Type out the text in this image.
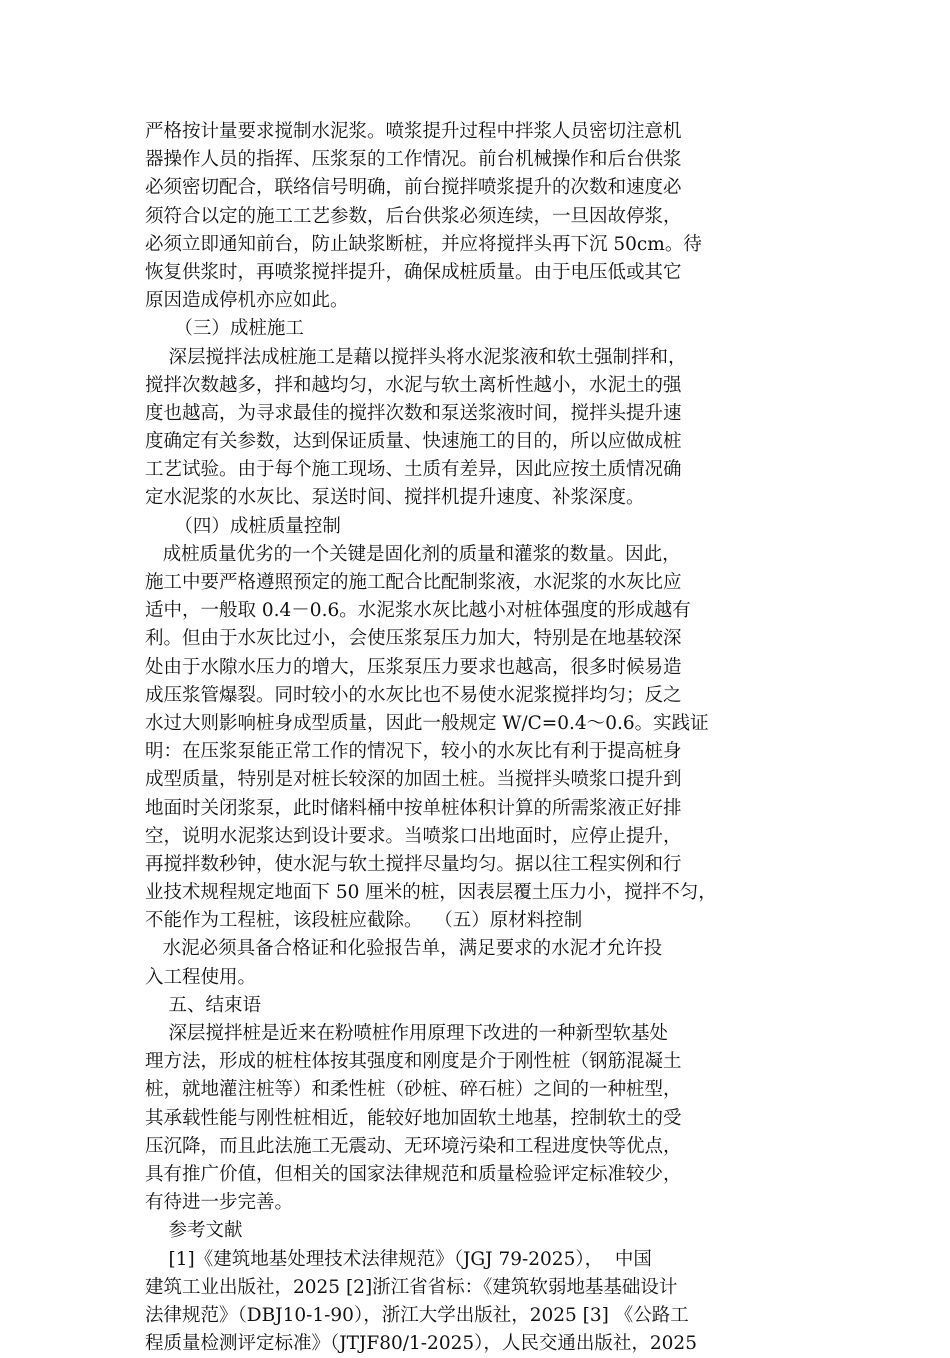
严格按计量要求搅制水泥浆。喷浆提升过程中拌浆人员密切注意机
器操作人员的指挥、压浆泵的工作情况。前台机械操作和后台供浆
必须密切配合，联络信号明确，前台搅拌喷浆提升的次数和速度必
须符合以定的施工工艺参数，后台供浆必须连续，一旦因故停浆，
必须立即通知前台，防止缺浆断桩，并应将搅拌头再下沉 50cm。待
恢复供浆时，再喷浆搅拌提升，确保成桩质量。由于电压低或其它
原因造成停机亦应如此。
（三）成桩施工
深层搅拌法成桩施工是藉以搅拌头将水泥浆液和软土强制拌和，
搅拌次数越多，拌和越均匀，水泥与软土离析性越小，水泥土的强
度也越高，为寻求最佳的搅拌次数和泵送浆液时间，搅拌头提升速
度确定有关参数，达到保证质量、快速施工的目的，所以应做成桩
工艺试验。由于每个施工现场、土质有差异，因此应按土质情况确
定水泥浆的水灰比、泵送时间、搅拌机提升速度、补浆深度。
（四）成桩质量控制
成桩质量优劣的一个关键是固化剂的质量和灌浆的数量。因此，
施工中要严格遵照预定的施工配合比配制浆液，水泥浆的水灰比应
适中，一般取 0.4－0.6。水泥浆水灰比越小对桩体强度的形成越有
利。但由于水灰比过小，会使压浆泵压力加大，特别是在地基较深
处由于水隙水压力的增大，压浆泵压力要求也越高，很多时候易造
成压浆管爆裂。同时较小的水灰比也不易使水泥浆搅拌均匀；反之
水过大则影响桩身成型质量，因此一般规定 W/C=0.4～0.6。实践证
明：在压浆泵能正常工作的情况下，较小的水灰比有利于提高桩身
成型质量，特别是对桩长较深的加固土桩。当搅拌头喷浆口提升到
地面时关闭浆泵，此时储料桶中按单桩体积计算的所需浆液正好排
空，说明水泥浆达到设计要求。当喷浆口出地面时，应停止提升，
再搅拌数秒钟，使水泥与软土搅拌尽量均匀。据以往工程实例和行
业技术规程规定地面下 50 厘米的桩，因表层覆土压力小，搅拌不匀，
不能作为工程桩，该段桩应截除。  （五）原材料控制
水泥必须具备合格证和化验报告单，满足要求的水泥才允许投
入工程使用。
五、结束语
深层搅拌桩是近来在粉喷桩作用原理下改进的一种新型软基处
理方法，形成的桩柱体按其强度和刚度是介于刚性桩（钢筋混凝土
桩，就地灌注桩等）和柔性桩（砂桩、碎石桩）之间的一种桩型，
其承载性能与刚性桩相近，能较好地加固软土地基，控制软土的受
压沉降，而且此法施工无震动、无环境污染和工程进度快等优点，
具有推广价值，但相关的国家法律规范和质量检验评定标准较少，
有待进一步完善。
参考文献
[1]《建筑地基处理技术法律规范》（JGJ 79-2025），  中国
建筑工业出版社，2025 [2]浙江省省标：《建筑软弱地基基础设计
法律规范》（DBJ10-1-90），浙江大学出版社，2025 [3] 《公路工
程质量检测评定标准》（JTJF80/1-2025），人民交通出版社，2025
